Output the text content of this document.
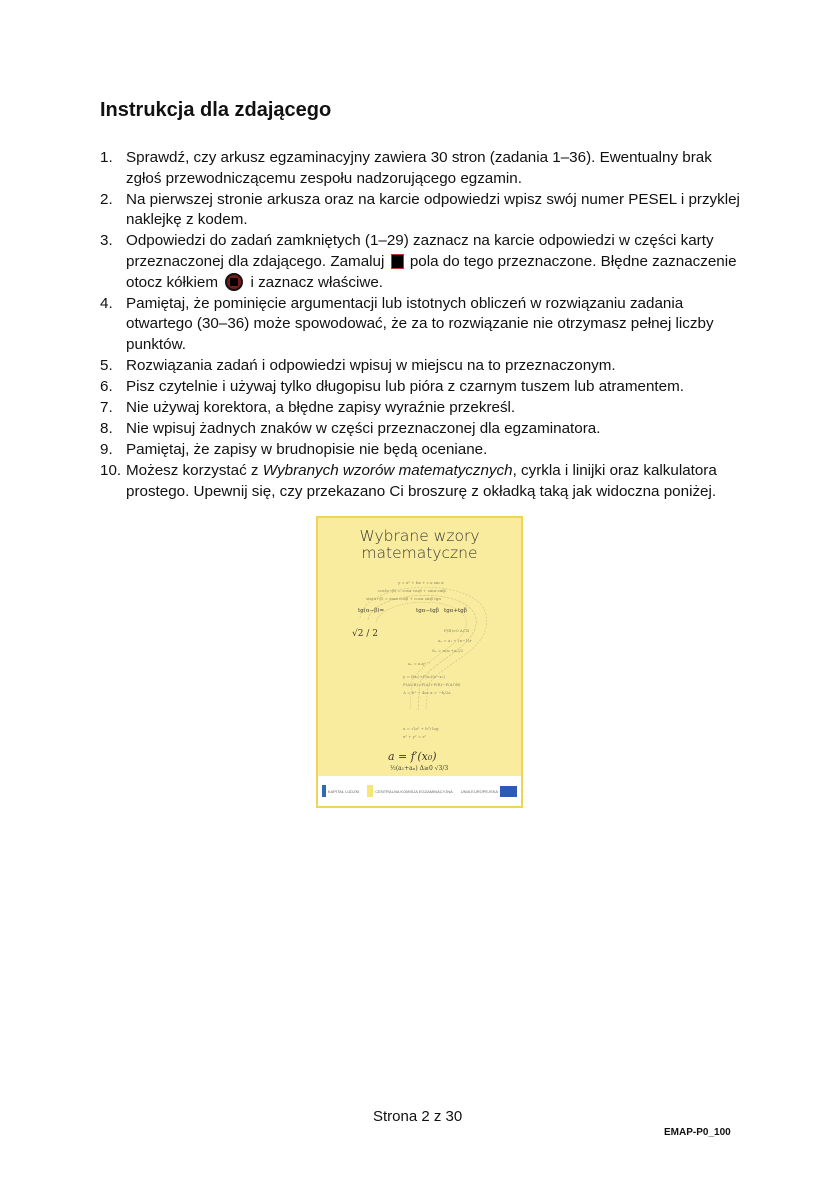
Instrukcja dla zdającego
1. Sprawdź, czy arkusz egzaminacyjny zawiera 30 stron (zadania 1–36). Ewentualny brak zgłoś przewodniczącemu zespołu nadzorującego egzamin.
2. Na pierwszej stronie arkusza oraz na karcie odpowiedzi wpisz swój numer PESEL i przyklej naklejkę z kodem.
3. Odpowiedzi do zadań zamkniętych (1–29) zaznacz na karcie odpowiedzi w części karty przeznaczonej dla zdającego. Zamaluj pola do tego przeznaczone. Błędne zaznaczenie otocz kółkiem i zaznacz właściwe.
4. Pamiętaj, że pominięcie argumentacji lub istotnych obliczeń w rozwiązaniu zadania otwartego (30–36) może spowodować, że za to rozwiązanie nie otrzymasz pełnej liczby punktów.
5. Rozwiązania zadań i odpowiedzi wpisuj w miejscu na to przeznaczonym.
6. Pisz czytelnie i używaj tylko długopisu lub pióra z czarnym tuszem lub atramentem.
7. Nie używaj korektora, a błędne zapisy wyraźnie przekreśl.
8. Nie wpisuj żadnych znaków w części przeznaczonej dla egzaminatora.
9. Pamiętaj, że zapisy w brudnopisie nie będą oceniane.
10. Możesz korzystać z Wybranych wzorów matematycznych, cyrkla i linijki oraz kalkulatora prostego. Upewnij się, czy przekazano Ci broszurę z okładką taką jak widoczna poniżej.
Wybrane wzory
matematyczne
y = x² + bx + c a·sin α
cos(α−β) = cosα·cosβ + sinα·sinβ
sin(α+β) = sinα cosβ + cosα sinβ tgα
P(B)>0 A⊂B
aₙ = a₁ + (n−1)r
Sₙ = n(a₁+aₙ)/2
aₙ = a₁qⁿ⁻¹
y = f(x₀)+f′(x₀)(x−x₀)
P(A∪B)=P(A)+P(B)−P(A∩B)
Δ = b² − 4ac x = −b/2a
a = √(a² + b²) log
x² + y² = r²
tg(α−β)=	tgα−tgβ tgα+tgβ
√2 / 2
a = f′(x₀)
½(a₁+aₙ) Δ≥0 √3/3
KAPITAŁ LUDZKI	CENTRALNA KOMISJA EGZAMINACYJNA UNIA EUROPEJSKA
Strona 2 z 30
EMAP-P0_100
